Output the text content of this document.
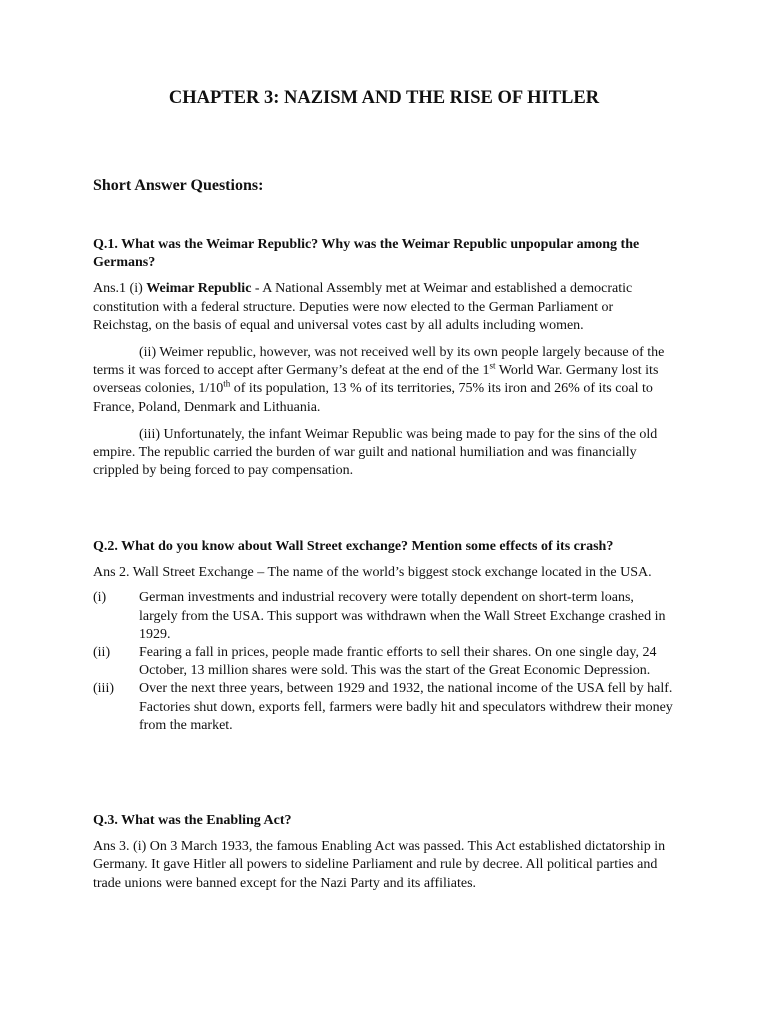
CHAPTER 3: NAZISM AND THE RISE OF HITLER
Short Answer Questions:

Q.1. What was the Weimar Republic? Why was the Weimar Republic unpopular among the Germans?

Ans.1 (i) Weimar Republic - A National Assembly met at Weimar and established a democratic constitution with a federal structure. Deputies were now elected to the German Parliament or Reichstag, on the basis of equal and universal votes cast by all adults including women.

(ii) Weimer republic, however, was not received well by its own people largely because of the terms it was forced to accept after Germany’s defeat at the end of the 1st World War. Germany lost its overseas colonies, 1/10th of its population, 13 % of its territories, 75% its iron and 26% of its coal to France, Poland, Denmark and Lithuania.

(iii) Unfortunately, the infant Weimar Republic was being made to pay for the sins of the old empire. The republic carried the burden of war guilt and national humiliation and was financially crippled by being forced to pay compensation.

Q.2. What do you know about Wall Street exchange? Mention some effects of its crash?

Ans 2. Wall Street Exchange – The name of the world’s biggest stock exchange located in the USA.

(i)	German investments and industrial recovery were totally dependent on short-term loans, largely from the USA. This support was withdrawn when the Wall Street Exchange crashed in 1929.
(ii)	Fearing a fall in prices, people made frantic efforts to sell their shares. On one single day, 24 October, 13 million shares were sold. This was the start of the Great Economic Depression.
(iii)	Over the next three years, between 1929 and 1932, the national income of the USA fell by half. Factories shut down, exports fell, farmers were badly hit and speculators withdrew their money from the market.

Q.3. What was the Enabling Act?

Ans 3. (i) On 3 March 1933, the famous Enabling Act was passed. This Act established dictatorship in Germany. It gave Hitler all powers to sideline Parliament and rule by decree. All political parties and trade unions were banned except for the Nazi Party and its affiliates.
